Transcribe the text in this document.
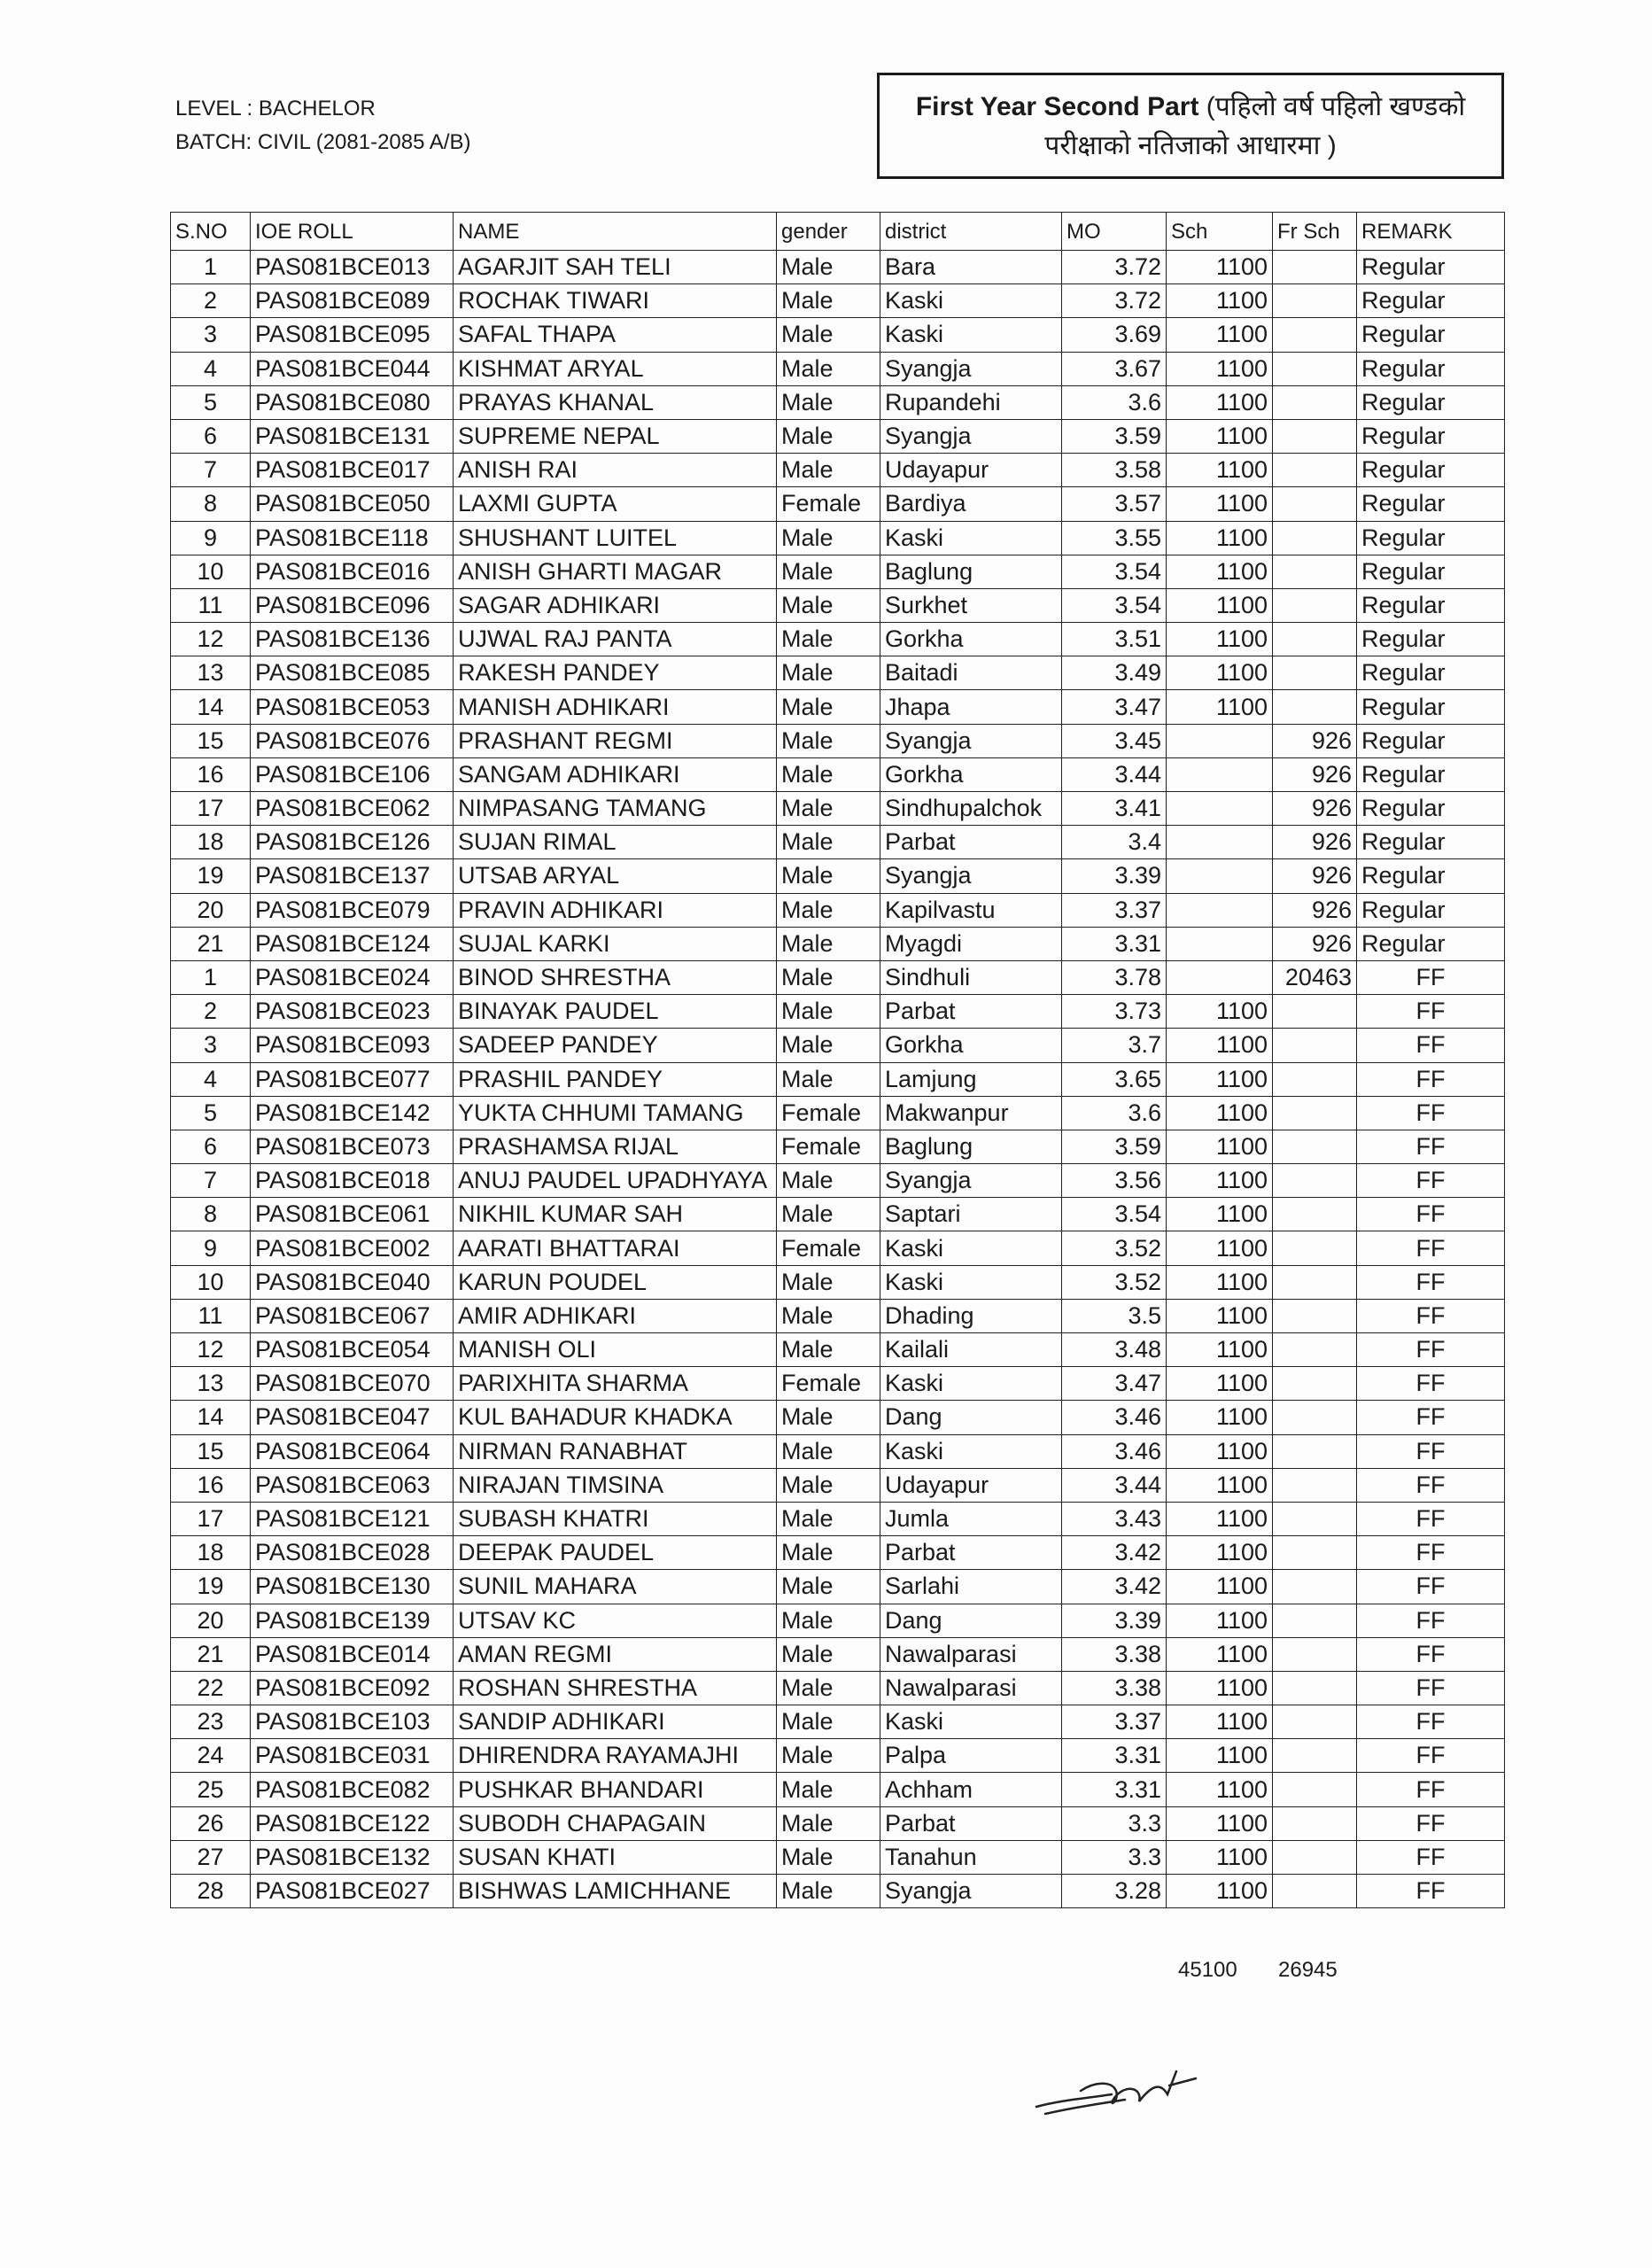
LEVEL : BACHELOR
BATCH: CIVIL (2081-2085 A/B)
First Year Second Part (पहिलो वर्ष पहिलो खण्डको परीक्षाको नतिजाको आधारमा )
S.NO	IOE ROLL	NAME	gender	district	MO	Sch	Fr Sch	REMARK
1	PAS081BCE013	AGARJIT SAH TELI	Male	Bara	3.72	1100		Regular
2	PAS081BCE089	ROCHAK TIWARI	Male	Kaski	3.72	1100		Regular
3	PAS081BCE095	SAFAL THAPA	Male	Kaski	3.69	1100		Regular
4	PAS081BCE044	KISHMAT ARYAL	Male	Syangja	3.67	1100		Regular
5	PAS081BCE080	PRAYAS KHANAL	Male	Rupandehi	3.6	1100		Regular
6	PAS081BCE131	SUPREME NEPAL	Male	Syangja	3.59	1100		Regular
7	PAS081BCE017	ANISH RAI	Male	Udayapur	3.58	1100		Regular
8	PAS081BCE050	LAXMI GUPTA	Female	Bardiya	3.57	1100		Regular
9	PAS081BCE118	SHUSHANT LUITEL	Male	Kaski	3.55	1100		Regular
10	PAS081BCE016	ANISH GHARTI MAGAR	Male	Baglung	3.54	1100		Regular
11	PAS081BCE096	SAGAR ADHIKARI	Male	Surkhet	3.54	1100		Regular
12	PAS081BCE136	UJWAL RAJ PANTA	Male	Gorkha	3.51	1100		Regular
13	PAS081BCE085	RAKESH PANDEY	Male	Baitadi	3.49	1100		Regular
14	PAS081BCE053	MANISH ADHIKARI	Male	Jhapa	3.47	1100		Regular
15	PAS081BCE076	PRASHANT REGMI	Male	Syangja	3.45		926	Regular
16	PAS081BCE106	SANGAM ADHIKARI	Male	Gorkha	3.44		926	Regular
17	PAS081BCE062	NIMPASANG TAMANG	Male	Sindhupalchok	3.41		926	Regular
18	PAS081BCE126	SUJAN RIMAL	Male	Parbat	3.4		926	Regular
19	PAS081BCE137	UTSAB ARYAL	Male	Syangja	3.39		926	Regular
20	PAS081BCE079	PRAVIN ADHIKARI	Male	Kapilvastu	3.37		926	Regular
21	PAS081BCE124	SUJAL KARKI	Male	Myagdi	3.31		926	Regular
1	PAS081BCE024	BINOD SHRESTHA	Male	Sindhuli	3.78		20463	FF
2	PAS081BCE023	BINAYAK PAUDEL	Male	Parbat	3.73	1100		FF
3	PAS081BCE093	SADEEP PANDEY	Male	Gorkha	3.7	1100		FF
4	PAS081BCE077	PRASHIL PANDEY	Male	Lamjung	3.65	1100		FF
5	PAS081BCE142	YUKTA CHHUMI TAMANG	Female	Makwanpur	3.6	1100		FF
6	PAS081BCE073	PRASHAMSA RIJAL	Female	Baglung	3.59	1100		FF
7	PAS081BCE018	ANUJ PAUDEL UPADHYAYA	Male	Syangja	3.56	1100		FF
8	PAS081BCE061	NIKHIL KUMAR SAH	Male	Saptari	3.54	1100		FF
9	PAS081BCE002	AARATI BHATTARAI	Female	Kaski	3.52	1100		FF
10	PAS081BCE040	KARUN POUDEL	Male	Kaski	3.52	1100		FF
11	PAS081BCE067	AMIR ADHIKARI	Male	Dhading	3.5	1100		FF
12	PAS081BCE054	MANISH OLI	Male	Kailali	3.48	1100		FF
13	PAS081BCE070	PARIXHITA SHARMA	Female	Kaski	3.47	1100		FF
14	PAS081BCE047	KUL BAHADUR KHADKA	Male	Dang	3.46	1100		FF
15	PAS081BCE064	NIRMAN RANABHAT	Male	Kaski	3.46	1100		FF
16	PAS081BCE063	NIRAJAN TIMSINA	Male	Udayapur	3.44	1100		FF
17	PAS081BCE121	SUBASH KHATRI	Male	Jumla	3.43	1100		FF
18	PAS081BCE028	DEEPAK PAUDEL	Male	Parbat	3.42	1100		FF
19	PAS081BCE130	SUNIL MAHARA	Male	Sarlahi	3.42	1100		FF
20	PAS081BCE139	UTSAV KC	Male	Dang	3.39	1100		FF
21	PAS081BCE014	AMAN REGMI	Male	Nawalparasi	3.38	1100		FF
22	PAS081BCE092	ROSHAN SHRESTHA	Male	Nawalparasi	3.38	1100		FF
23	PAS081BCE103	SANDIP ADHIKARI	Male	Kaski	3.37	1100		FF
24	PAS081BCE031	DHIRENDRA RAYAMAJHI	Male	Palpa	3.31	1100		FF
25	PAS081BCE082	PUSHKAR BHANDARI	Male	Achham	3.31	1100		FF
26	PAS081BCE122	SUBODH CHAPAGAIN	Male	Parbat	3.3	1100		FF
27	PAS081BCE132	SUSAN KHATI	Male	Tanahun	3.3	1100		FF
28	PAS081BCE027	BISHWAS LAMICHHANE	Male	Syangja	3.28	1100		FF
45100 26945
